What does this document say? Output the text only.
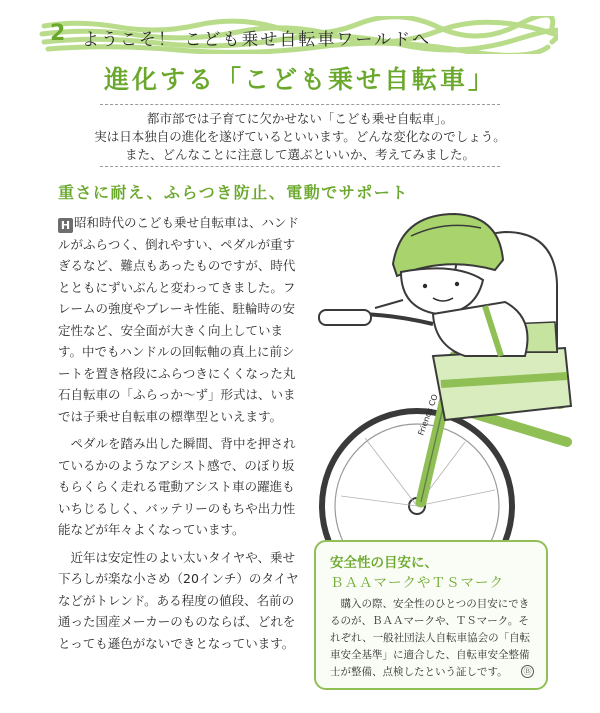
2 ようこそ！ こども乗せ自転車ワールドへ
進化する「こども乗せ自転車」

都市部では子育てに欠かせない「こども乗せ自転車」。

実は日本独自の進化を遂げているといいます。どんな変化なのでしょう。

また、どんなことに注意して選ぶといいか、考えてみました。

重さに耐え、ふらつき防止、電動でサポート

H 昭和時代のこども乗せ自転車は、ハンドルがふらつく、倒れやすい、ペダルが重すぎるなど、難点もあったものですが、時代とともにずいぶんと変わってきました。フレームの強度やブレーキ性能、駐輪時の安定性など、安全面が大きく向上しています。中でもハンドルの回転軸の真上に前シートを置き格段にふらつきにくくなった丸石自転車の「ふらっか〜ず」形式は、いまでは子乗せ自転車の標準型といえます。

　ペダルを踏み出した瞬間、背中を押されているかのようなアシスト感で、のぼり坂もらくらく走れる電動アシスト車の躍進もいちじるしく、バッテリーのもちや出力性能などが年々よくなっています。

　近年は安定性のよい太いタイヤや、乗せ下ろしが楽な小さめ（20インチ）のタイヤなどがトレンド。ある程度の値段、名前の通った国産メーカーのものならば、どれをとっても遜色がないできとなっています。

Friends CO
安全性の目安に、
ＢＡＡマークやＴＳマーク

　購入の際、安全性のひとつの目安にできるのが、ＢＡＡマークや、ＴＳマーク。それぞれ、一般社団法人自転車協会の「自転車安全基準」に適合した、自転車安全整備士が整備、点検したという証しです。	Ⓑ
